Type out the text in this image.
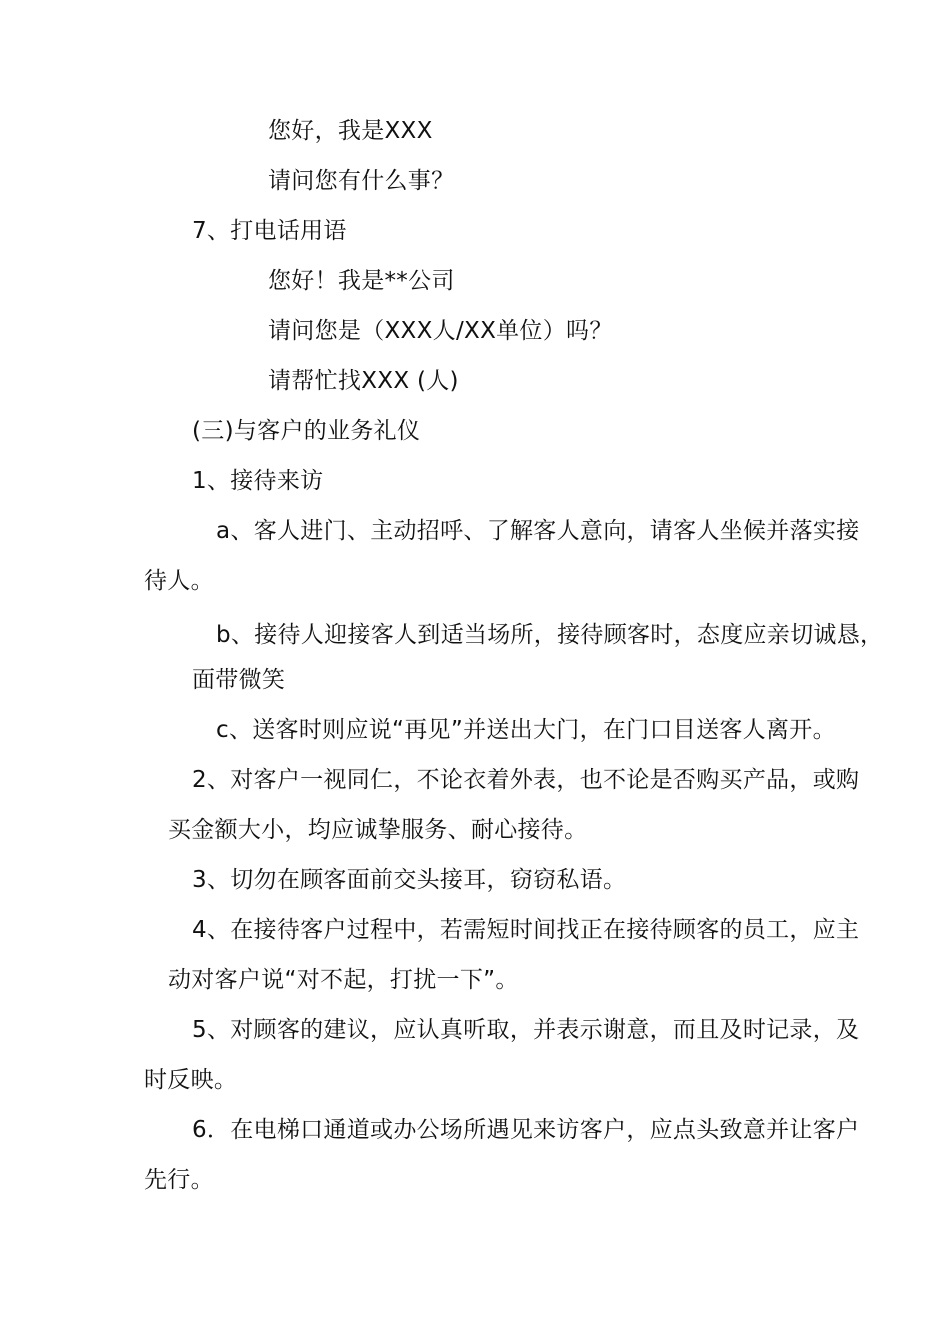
您好，我是XXX
请问您有什么事？
7、打电话用语
您好！我是**公司
请问您是（XXX人/XX单位）吗？
请帮忙找XXX (人)
(三)与客户的业务礼仪
1、接待来访
a、客人进门、主动招呼、了解客人意向，请客人坐候并落实接
待人。
b、接待人迎接客人到适当场所，接待顾客时，态度应亲切诚恳，
面带微笑
c、送客时则应说“再见”并送出大门，在门口目送客人离开。
2、对客户一视同仁，不论衣着外表，也不论是否购买产品，或购
买金额大小，均应诚挚服务、耐心接待。
3、切勿在顾客面前交头接耳，窃窃私语。
4、在接待客户过程中，若需短时间找正在接待顾客的员工，应主
动对客户说“对不起，打扰一下”。
5、对顾客的建议，应认真听取，并表示谢意，而且及时记录，及
时反映。
6．在电梯口通道或办公场所遇见来访客户，应点头致意并让客户
先行。
